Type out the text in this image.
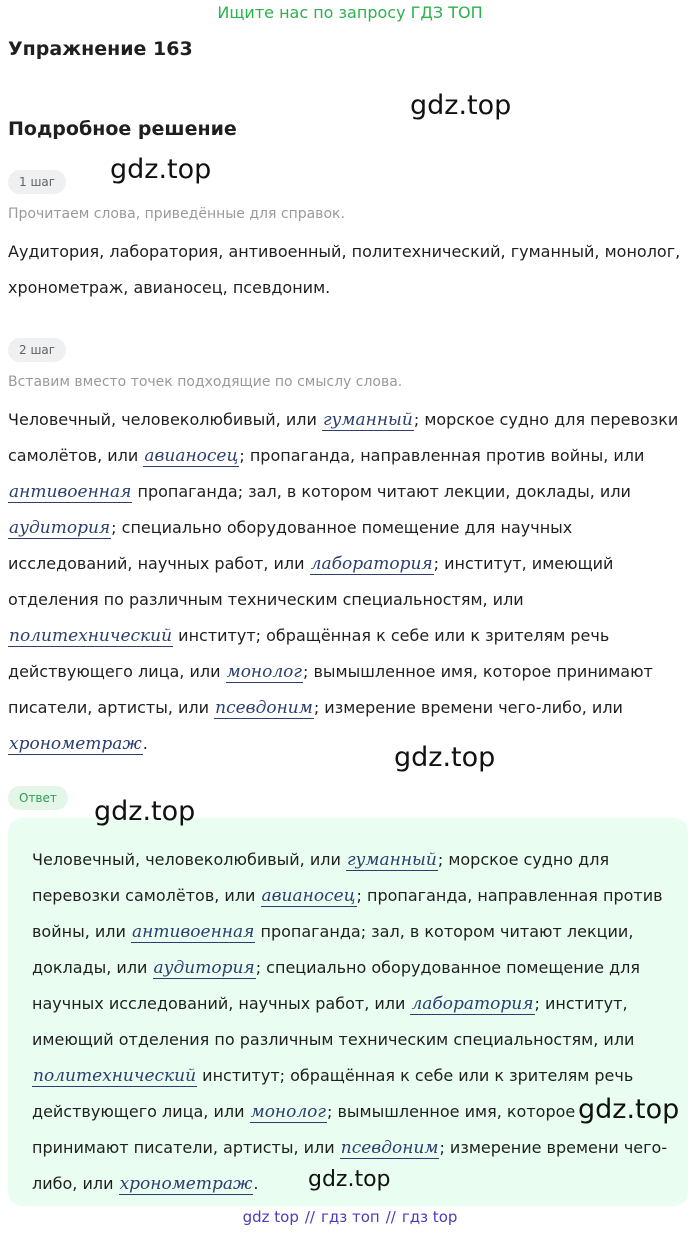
Ищите нас по запросу ГДЗ ТОП
Упражнение 163
gdz.top
Подробное решение
gdz.top
1 шаг
Прочитаем слова, приведённые для справок.

Аудитория, лаборатория, антивоенный, политехнический, гуманный, монолог, хронометраж, авианосец, псевдоним.

2 шаг
Вставим вместо точек подходящие по смыслу слова.

Человечный, человеколюбивый, или гуманный; морское судно для перевозки самолётов, или авианосец; пропаганда, направленная против войны, или антивоенная пропаганда; зал, в котором читают лекции, доклады, или аудитория; специально оборудованное помещение для научных исследований, научных работ, или лаборатория; институт, имеющий отделения по различным техническим специальностям, или политехнический институт; обращённая к себе или к зрителям речь действующего лица, или монолог; вымышленное имя, которое принимают писатели, артисты, или псевдоним; измерение времени чего-либо, или хронометраж.	gdz.top
Ответ

Человечный, человеколюбивый, или гуманный; морское судно для перевозки самолётов, или авианосец; пропаганда, направленная против войны, или антивоенная пропаганда; зал, в котором читают лекции, доклады, или аудитория; специально оборудованное помещение для научных исследований, научных работ, или лаборатория; институт, имеющий отделения по различным техническим специальностям, или политехнический институт; обращённая к себе или к зрителям речь действующего лица, или монолог; вымышленное имя, которое принимают писатели, артисты, или псевдоним; измерение времени чего-либо, или хронометраж.

gdz.top
gdz.top
gdz.top
gdz top // гдз топ // гдз top
